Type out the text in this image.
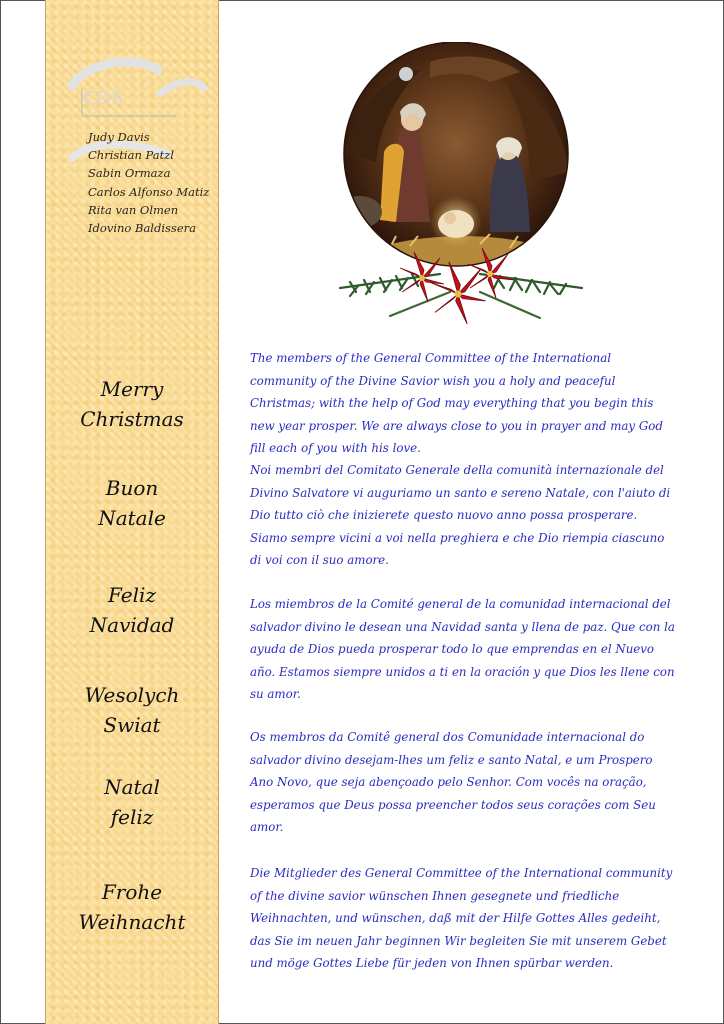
CDS
Judy Davis
Christian Patzl
Sabin Ormaza
Carlos Alfonso Matiz
Rita van Olmen
Idovino Baldissera
Merry
Christmas
Buon
Natale
Feliz
Navidad
Wesolych
Swiat
Natal
feliz
Frohe
Weihnacht

The members of the General Committee of the International community of the Divine Savior wish you a holy and peaceful Christmas; with the help of God may everything that you begin this new year prosper. We are always close to you in prayer and may God fill each of you with his love.

Noi membri del Comitato Generale della comunità internazionale del Divino Salvatore vi auguriamo un santo e sereno Natale, con l'aiuto di Dio tutto ciò che inizierete questo nuovo anno possa prosperare. Siamo sempre vicini a voi nella preghiera e che Dio riempia ciascuno di voi con il suo amore.

Los miembros de la Comité general de la comunidad internacional del salvador divino le desean una Navidad santa y llena de paz. Que con la ayuda de Dios pueda prosperar todo lo que emprendas en el Nuevo año. Estamos siempre unidos a ti en la oración y que Dios les llene con su amor.

Os membros da Comitê general dos Comunidade internacional do salvador divino desejam-lhes um feliz e santo Natal, e um Prospero Ano Novo, que seja abençoado pelo Senhor. Com vocês na oração, esperamos que Deus possa preencher todos seus corações com Seu amor.

Die Mitglieder des General Committee of the International community of the divine savior wünschen Ihnen gesegnete und friedliche Weihnachten, und wünschen, daß mit der Hilfe Gottes Alles gedeiht, das Sie im neuen Jahr beginnen Wir begleiten Sie mit unserem Gebet und möge Gottes Liebe für jeden von Ihnen spürbar werden.
